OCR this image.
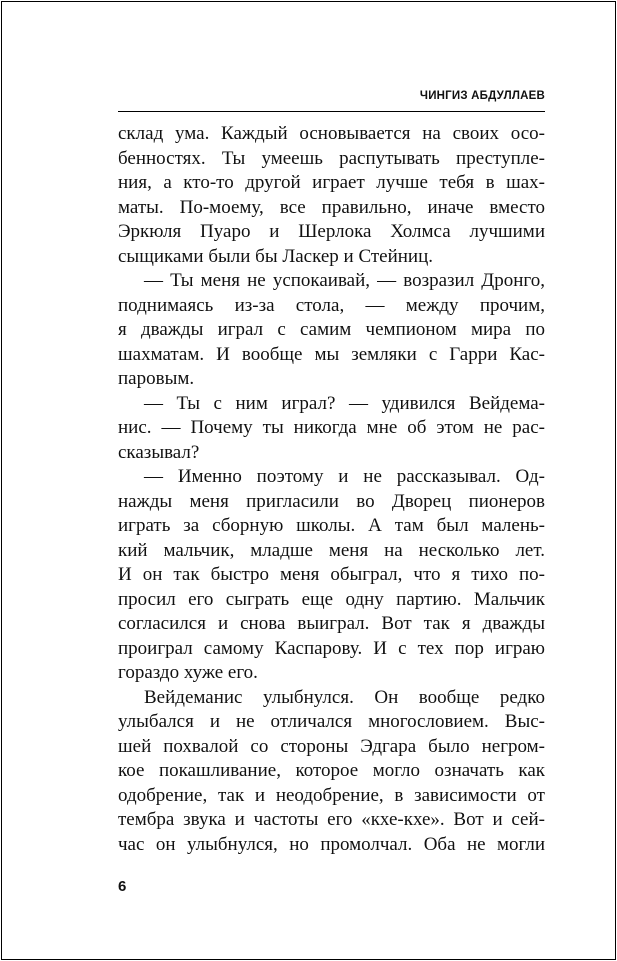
ЧИНГИЗ АБДУЛЛАЕВ
склад ума. Каждый основывается на своих осо-
бенностях. Ты умеешь распутывать преступле-
ния, а кто-то другой играет лучше тебя в шах-
маты. По-моему, все правильно, иначе вместо
Эркюля Пуаро и Шерлока Холмса лучшими
сыщиками были бы Ласкер и Стейниц.
— Ты меня не успокаивай, — возразил Дронго,
поднимаясь из-за стола, — между прочим,
я дважды играл с самим чемпионом мира по
шахматам. И вообще мы земляки с Гарри Кас-
паровым.
— Ты с ним играл? — удивился Вейдема-
нис. — Почему ты никогда мне об этом не рас-
сказывал?
— Именно поэтому и не рассказывал. Од-
нажды меня пригласили во Дворец пионеров
играть за сборную школы. А там был малень-
кий мальчик, младше меня на несколько лет.
И он так быстро меня обыграл, что я тихо по-
просил его сыграть еще одну партию. Мальчик
согласился и снова выиграл. Вот так я дважды
проиграл самому Каспарову. И с тех пор играю
гораздо хуже его.
Вейдеманис улыбнулся. Он вообще редко
улыбался и не отличался многословием. Выс-
шей похвалой со стороны Эдгара было негром-
кое покашливание, которое могло означать как
одобрение, так и неодобрение, в зависимости от
тембра звука и частоты его «кхе-кхе». Вот и сей-
час он улыбнулся, но промолчал. Оба не могли
6
